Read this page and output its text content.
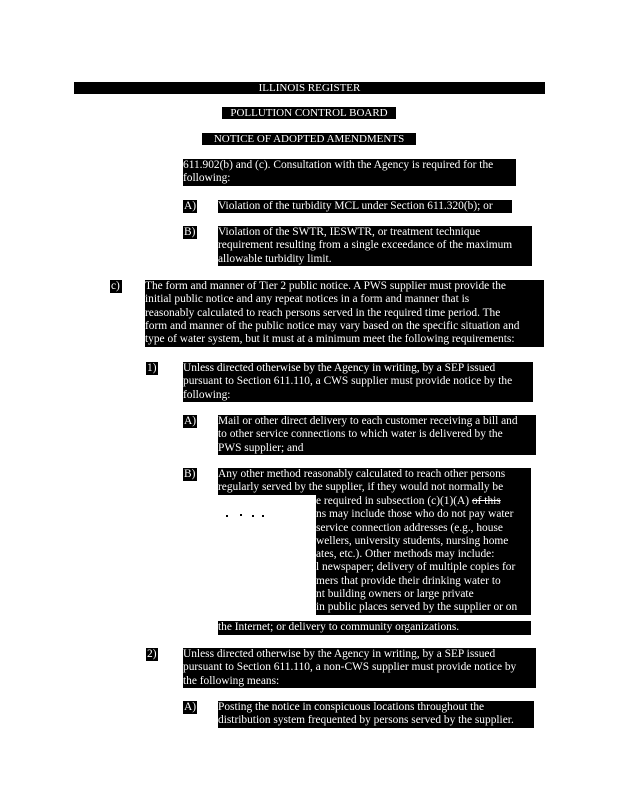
ILLINOIS REGISTER
POLLUTION CONTROL BOARD
NOTICE OF ADOPTED AMENDMENTS
611.902(b) and (c). Consultation with the Agency is required for the
following:
A) Violation of the turbidity MCL under Section 611.320(b); or
B) Violation of the SWTR, IESWTR, or treatment technique
requirement resulting from a single exceedance of the maximum
allowable turbidity limit.
c) The form and manner of Tier 2 public notice. A PWS supplier must provide the
initial public notice and any repeat notices in a form and manner that is
reasonably calculated to reach persons served in the required time period. The
form and manner of the public notice may vary based on the specific situation and
type of water system, but it must at a minimum meet the following requirements:
1) Unless directed otherwise by the Agency in writing, by a SEP issued
pursuant to Section 611.110, a CWS supplier must provide notice by the
following:
A) Mail or other direct delivery to each customer receiving a bill and
to other service connections to which water is delivered by the
PWS supplier; and
B) Any other method reasonably calculated to reach other persons
regularly served by the supplier, if they would not normally be
e required in subsection (c)(1)(A) of this
ns may include those who do not pay water
service connection addresses (e.g., house
wellers, university students, nursing home
ates, etc.). Other methods may include:
l newspaper; delivery of multiple copies for
mers that provide their drinking water to
nt building owners or large private
in public places served by the supplier or on
the Internet; or delivery to community organizations.
2) Unless directed otherwise by the Agency in writing, by a SEP issued
pursuant to Section 611.110, a non-CWS supplier must provide notice by
the following means:
A) Posting the notice in conspicuous locations throughout the
distribution system frequented by persons served by the supplier.
